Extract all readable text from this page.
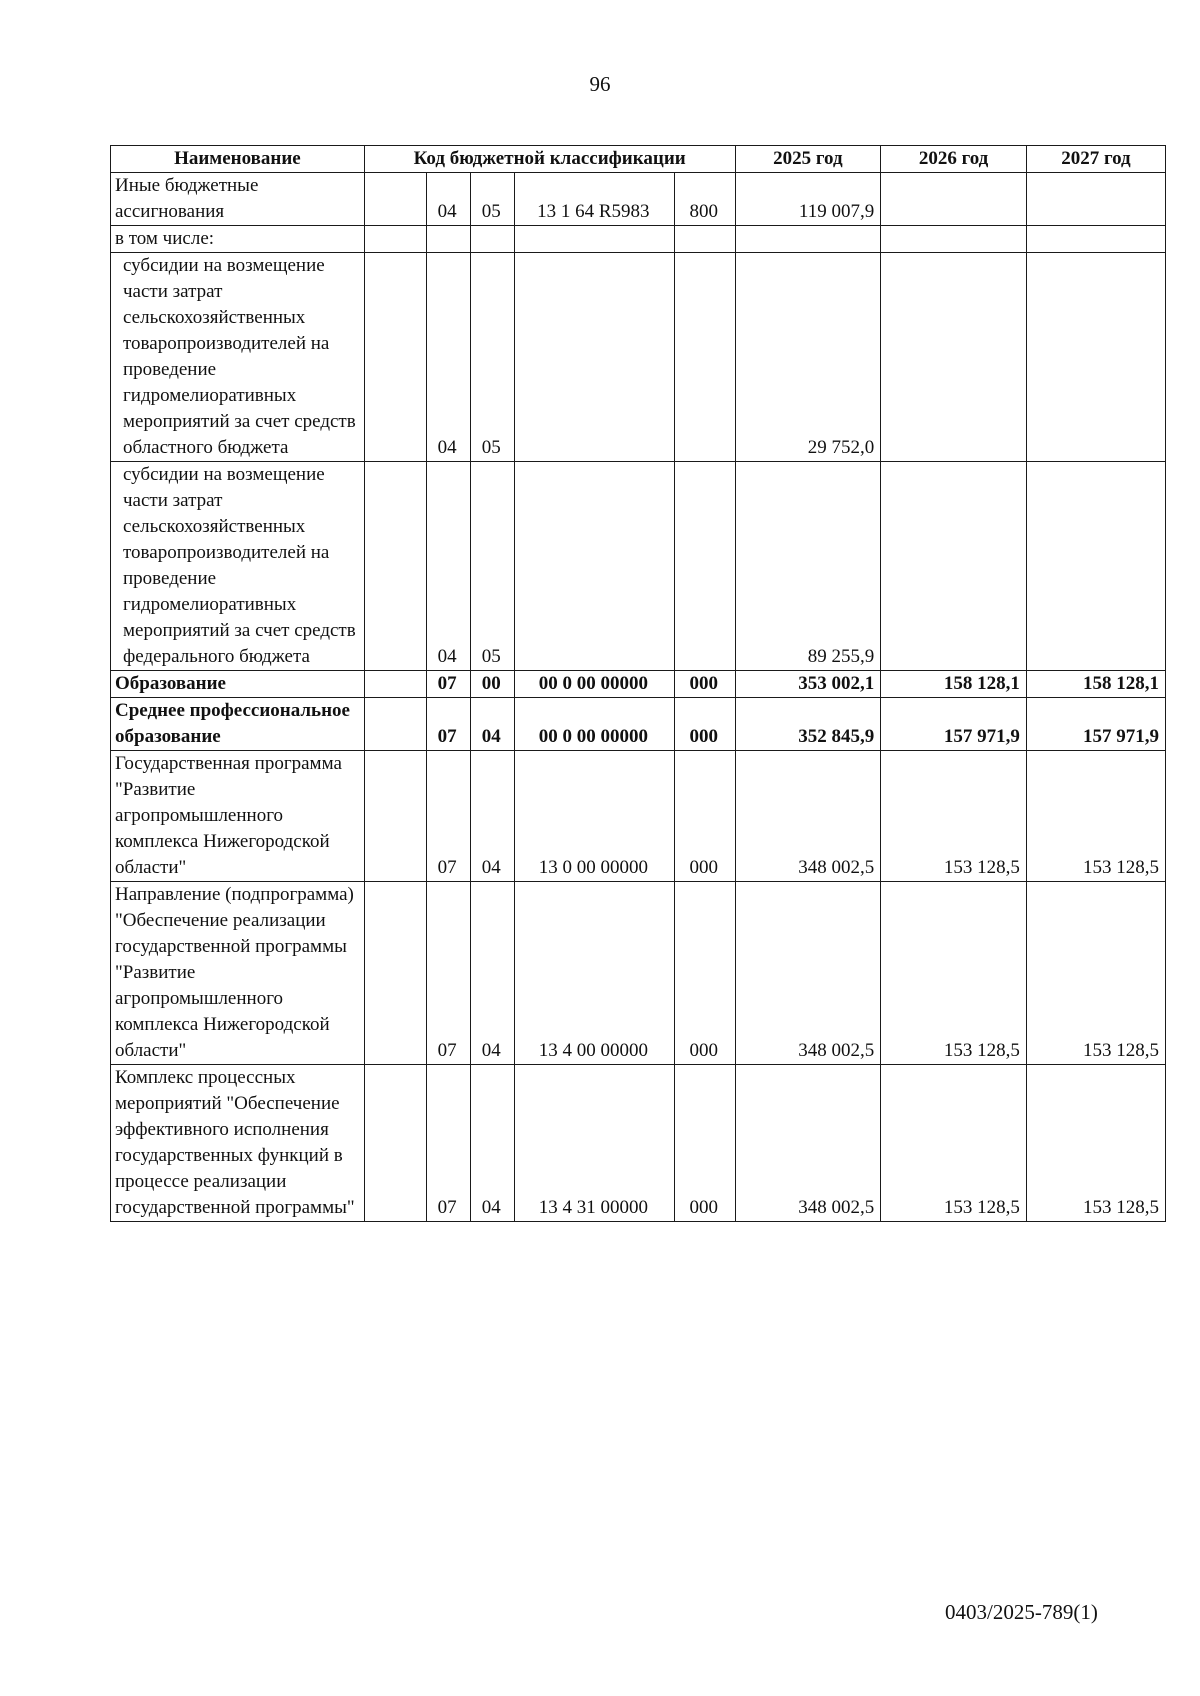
96
Наименование	Код бюджетной классификации					2025 год	2026 год	2027 год
Иные бюджетные ассигнования		04	05	13 1 64 R5983	800	119 007,9		
в том числе:								
субсидии на возмещение части затрат сельскохозяйственных товаропроизводителей на проведение гидромелиоративных мероприятий за счет средств областного бюджета		04	05			29 752,0		
субсидии на возмещение части затрат сельскохозяйственных товаропроизводителей на проведение гидромелиоративных мероприятий за счет средств федерального бюджета		04	05			89 255,9		
Образование		07	00	00 0 00 00000	000	353 002,1	158 128,1	158 128,1
Среднее профессиональное образование		07	04	00 0 00 00000	000	352 845,9	157 971,9	157 971,9
Государственная программа "Развитие агропромышленного комплекса Нижегородской области"		07	04	13 0 00 00000	000	348 002,5	153 128,5	153 128,5
Направление (подпрограмма) "Обеспечение реализации государственной программы "Развитие агропромышленного комплекса Нижегородской области"		07	04	13 4 00 00000	000	348 002,5	153 128,5	153 128,5
Комплекс процессных мероприятий "Обеспечение эффективного исполнения государственных функций в процессе реализации государственной программы"		07	04	13 4 31 00000	000	348 002,5	153 128,5	153 128,5
0403/2025-789(1)
